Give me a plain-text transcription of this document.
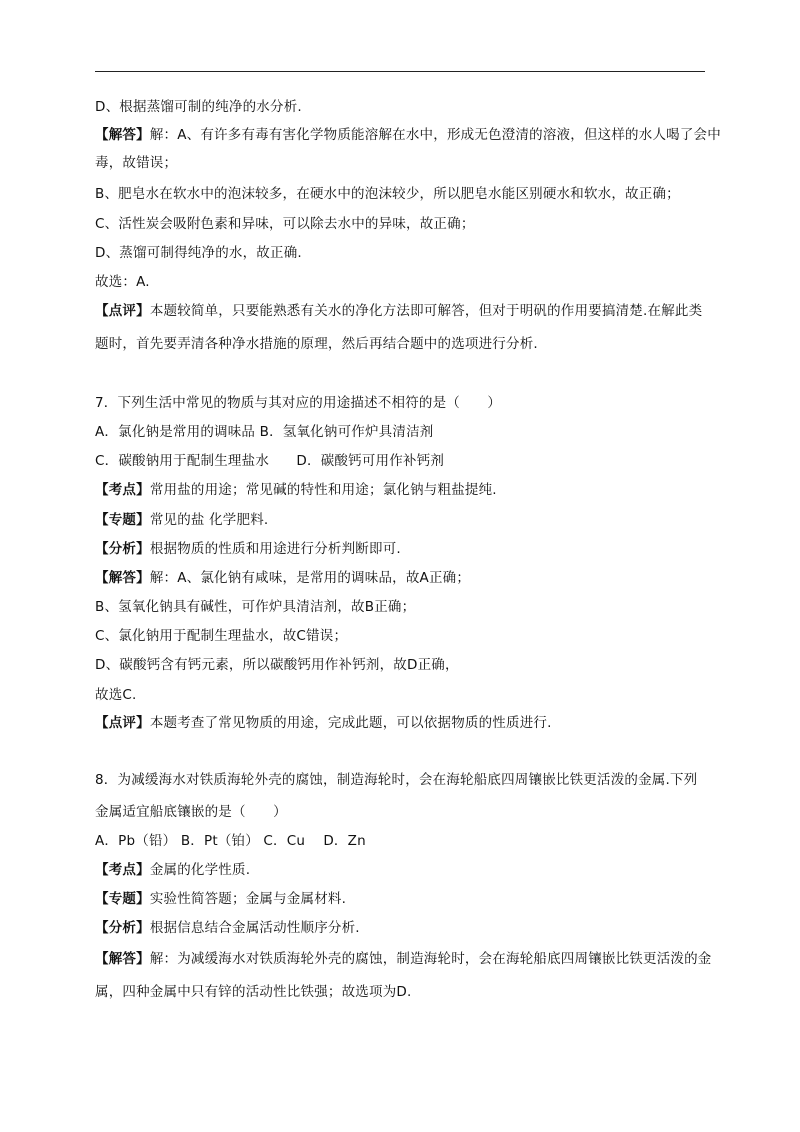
D、根据蒸馏可制的纯净的水分析.
【解答】解：A、有许多有毒有害化学物质能溶解在水中，形成无色澄清的溶液，但这样的水人喝了会中
毒，故错误；
B、肥皂水在软水中的泡沫较多，在硬水中的泡沫较少，所以肥皂水能区别硬水和软水，故正确；
C、活性炭会吸附色素和异味，可以除去水中的异味，故正确；
D、蒸馏可制得纯净的水，故正确.
故选：A.
【点评】本题较简单，只要能熟悉有关水的净化方法即可解答，但对于明矾的作用要搞清楚.在解此类
题时，首先要弄清各种净水措施的原理，然后再结合题中的选项进行分析.
7．下列生活中常见的物质与其对应的用途描述不相符的是（　　）
A．氯化钠是常用的调味品 B．氢氧化钠可作炉具清洁剂
C．碳酸钠用于配制生理盐水　　D．碳酸钙可用作补钙剂
【考点】常用盐的用途；常见碱的特性和用途；氯化钠与粗盐提纯.
【专题】常见的盐 化学肥料.
【分析】根据物质的性质和用途进行分析判断即可.
【解答】解：A、氯化钠有咸味，是常用的调味品，故A正确；
B、氢氧化钠具有碱性，可作炉具清洁剂，故B正确；
C、氯化钠用于配制生理盐水，故C错误；
D、碳酸钙含有钙元素，所以碳酸钙用作补钙剂，故D正确，
故选C.
【点评】本题考查了常见物质的用途，完成此题，可以依据物质的性质进行.
8．为减缓海水对铁质海轮外壳的腐蚀，制造海轮时，会在海轮船底四周镶嵌比铁更活泼的金属.下列
金属适宜船底镶嵌的是（　　）
A．Pb（铅） B．Pt（铂） C．Cu　 D．Zn
【考点】金属的化学性质.
【专题】实验性简答题；金属与金属材料.
【分析】根据信息结合金属活动性顺序分析.
【解答】解：为减缓海水对铁质海轮外壳的腐蚀，制造海轮时，会在海轮船底四周镶嵌比铁更活泼的金
属，四种金属中只有锌的活动性比铁强；故选项为D.
